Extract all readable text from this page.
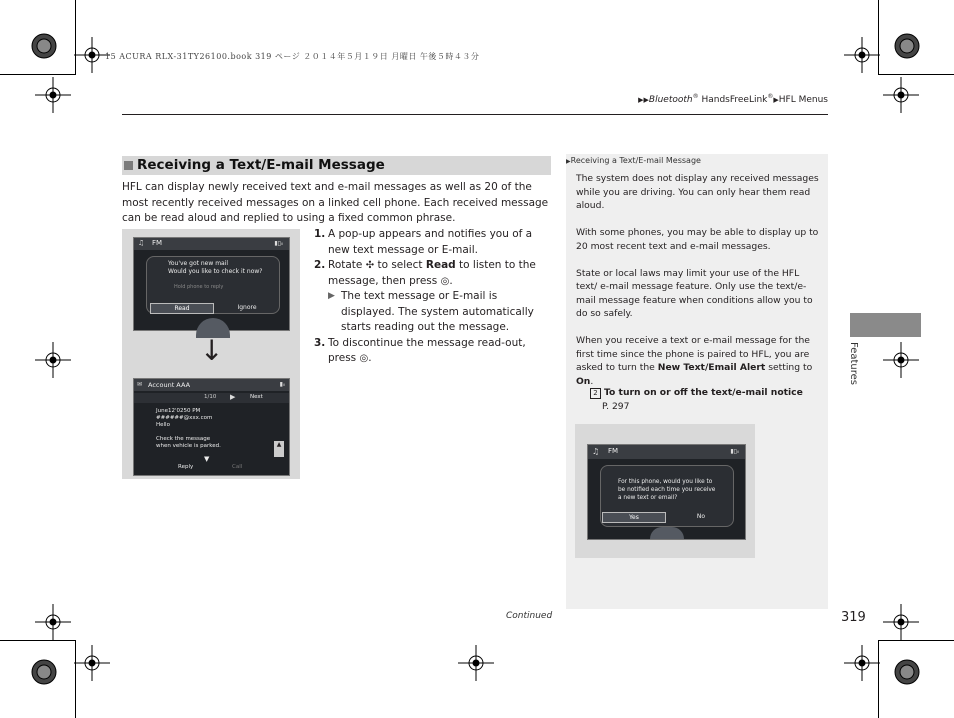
15 ACURA RLX-31TY26100.book 319 ページ ２０１４年５月１９日 月曜日 午後５時４３分
▶▶Bluetooth® HandsFreeLink®▶HFL Menus
Receiving a Text/E-mail Message
HFL can display newly received text and e-mail messages as well as 20 of the most recently received messages on a linked cell phone. Each received message can be read aloud and replied to using a fixed common phrase.
♫ FM	▮▯ᵢₗ
You've got new mail
Would you like to check it now?
Hold phone to reply
Read	Ignore
↓
✉ Account AAA	▮ᵢₗ
1/10 ▶	Next
June12'0250 PM
######@xxx.com
Hello
Check the message
when vehicle is parked.	▲
▼
Reply	Call
1. A pop-up appears and notifies you of a new text message or E-mail.
2. Rotate ✣ to select Read to listen to the message, then press ◎.
▶ The text message or E-mail is displayed. The system automatically starts reading out the message.
3. To discontinue the message read-out, press ◎.
▶Receiving a Text/E-mail Message

The system does not display any received messages while you are driving. You can only hear them read aloud.

With some phones, you may be able to display up to 20 most recent text and e-mail messages.

State or local laws may limit your use of the HFL text/ e-mail message feature. Only use the text/e-mail message feature when conditions allow you to do so safely.

When you receive a text or e-mail message for the first time since the phone is paired to HFL, you are asked to turn the New Text/Email Alert setting to On.

2 To turn on or off the text/e-mail notice
P. 297
♫ FM	▮▯ᵢₗ
For this phone, would you like to
be notified each time you receive
a new text or email?
Yes	No
Features
Continued	319
